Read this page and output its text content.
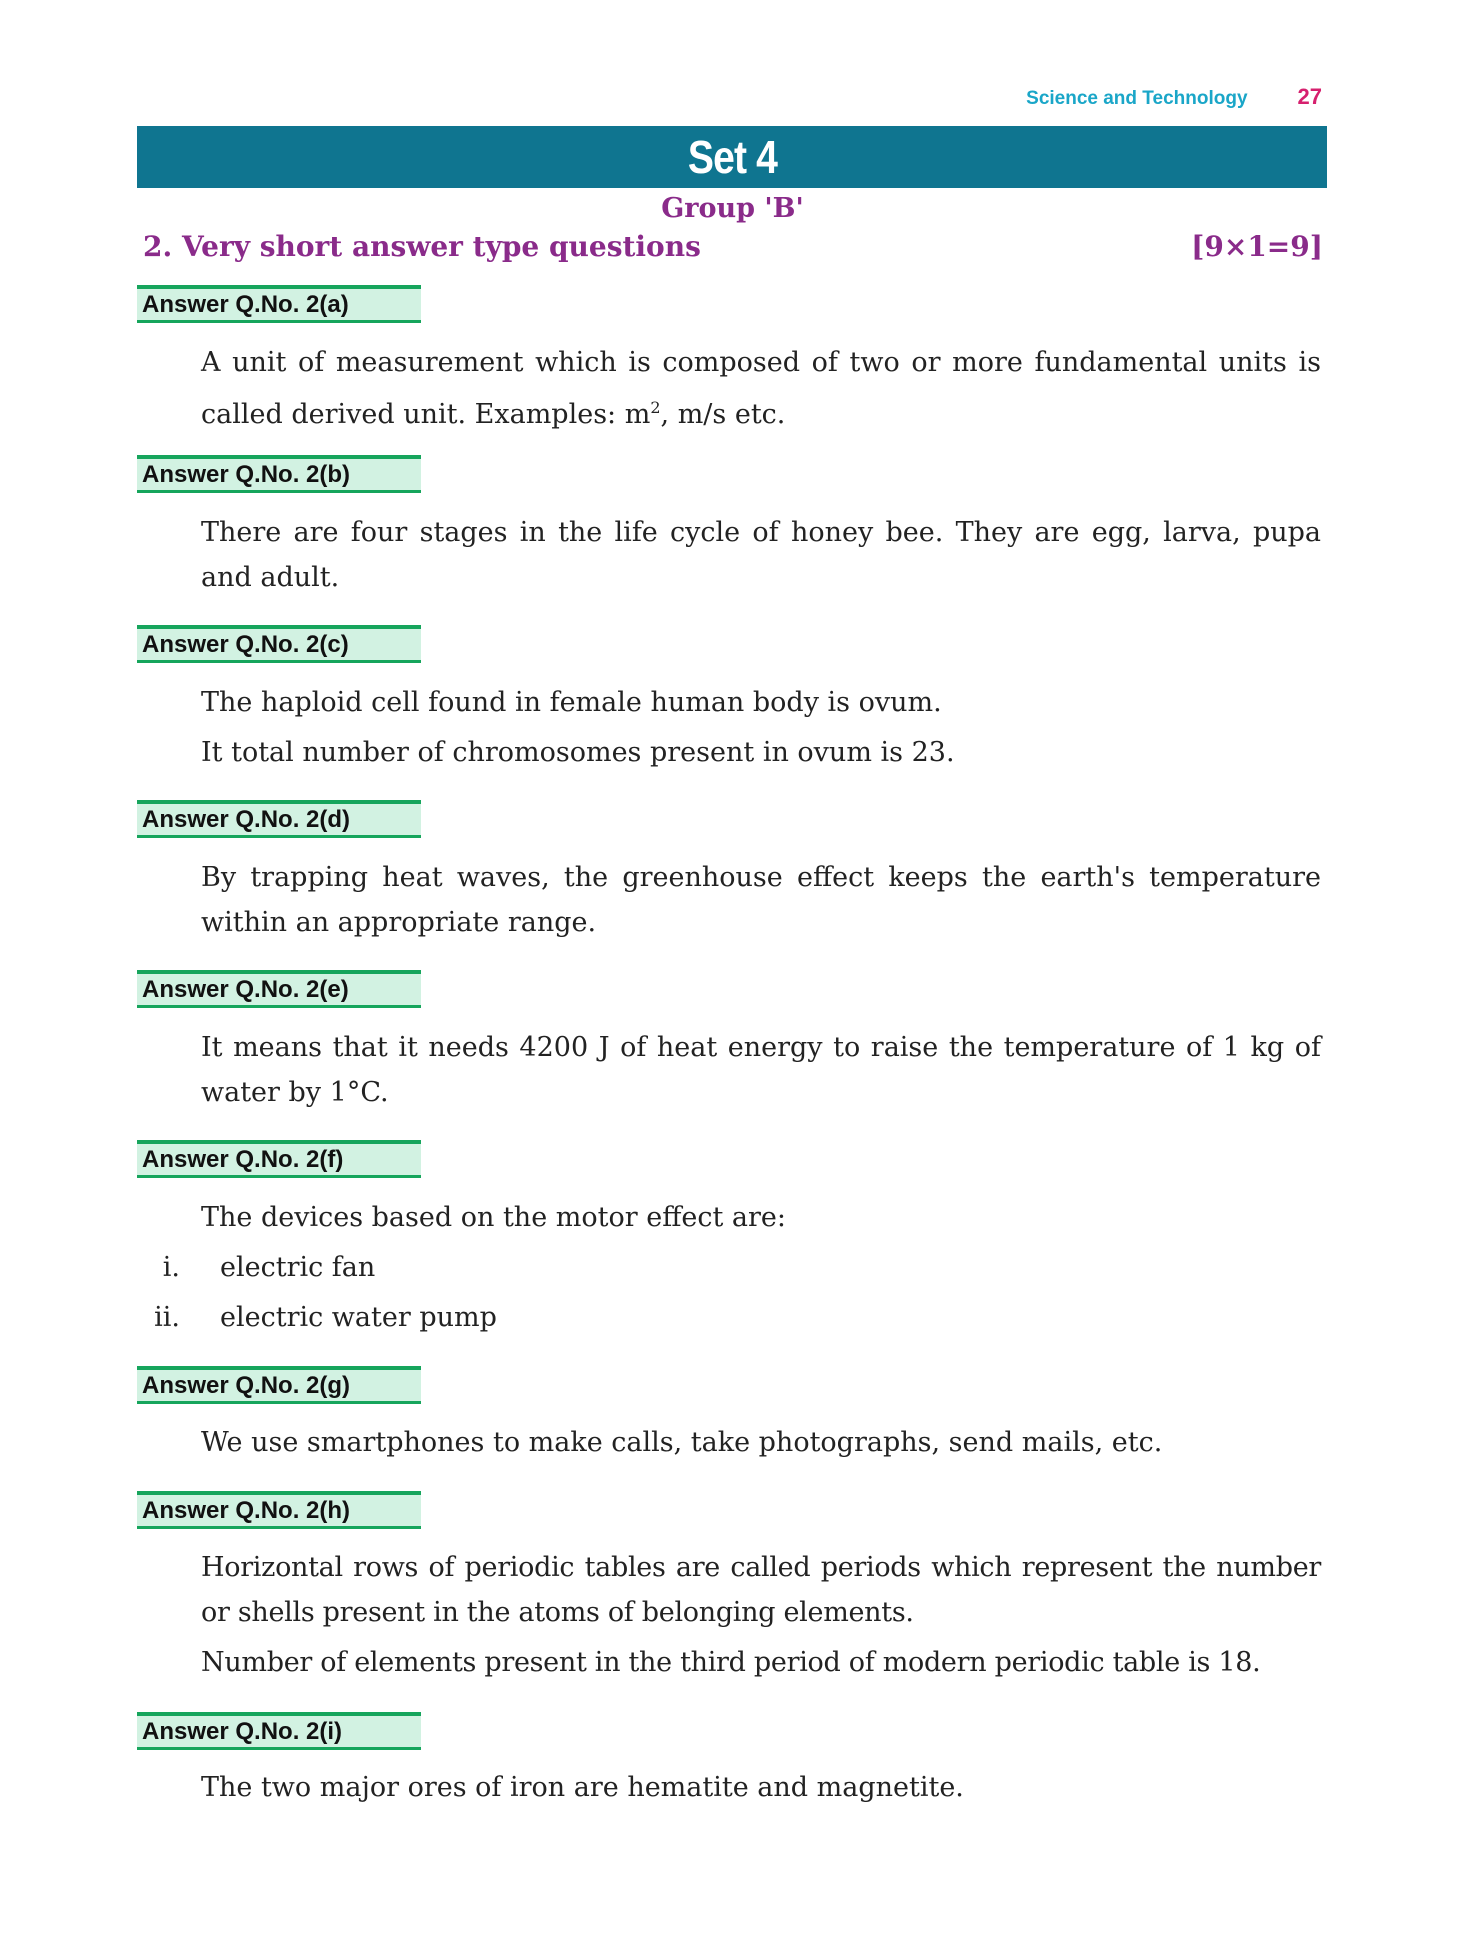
Science and Technology 27
Set 4
Group 'B'
2. Very short answer type questions	[9×1=9]
Answer Q.No. 2(a)

A unit of measurement which is composed of two or more fundamental units is called derived unit. Examples: $m^2$, m/s etc.

Answer Q.No. 2(b)

There are four stages in the life cycle of honey bee. They are egg, larva, pupa and adult.

Answer Q.No. 2(c)

The haploid cell found in female human body is ovum.

It total number of chromosomes present in ovum is 23.

Answer Q.No. 2(d)

By trapping heat waves, the greenhouse effect keeps the earth's temperature within an appropriate range.

Answer Q.No. 2(e)

It means that it needs 4200 J of heat energy to raise the temperature of 1 kg of water by 1°C.

Answer Q.No. 2(f)

The devices based on the motor effect are:

i. electric fan
ii. electric water pump
Answer Q.No. 2(g)

We use smartphones to make calls, take photographs, send mails, etc.

Answer Q.No. 2(h)

Horizontal rows of periodic tables are called periods which represent the number or shells present in the atoms of belonging elements.

Number of elements present in the third period of modern periodic table is 18.

Answer Q.No. 2(i)

The two major ores of iron are hematite and magnetite.
